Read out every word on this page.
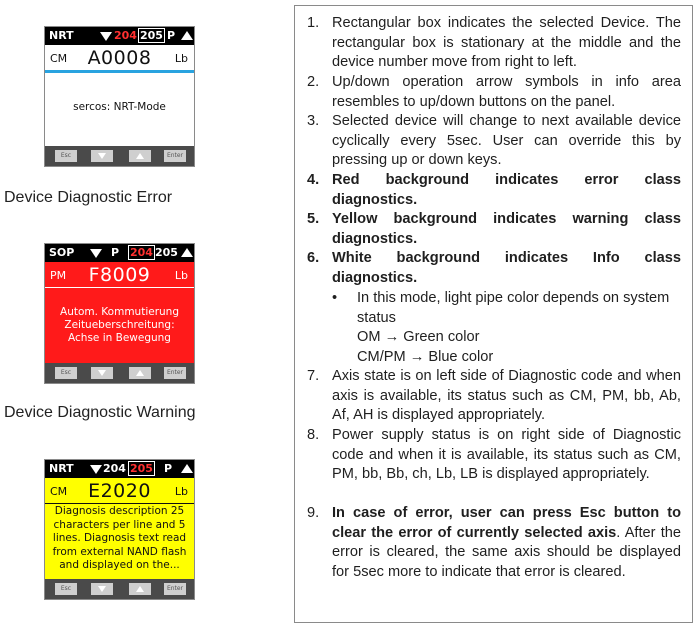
NRT	204 205 P
CM	A0008	Lb
sercos: NRT-Mode
Esc	Enter
Device Diagnostic Error
SOP	P 204 205
PM	F8009	Lb
Autom. Kommutierung
Zeitueberschreitung:
Achse in Bewegung
Esc	Enter
Device Diagnostic Warning
NRT	204 205 P
CM	E2020	Lb
Diagnosis description 25
characters per line and 5
lines. Diagnosis text read
from external NAND flash
and displayed on the...
Esc	Enter
1. Rectangular box indicates the selected Device. The rectangular box is stationary at the middle and the device number move from right to left.
2. Up/down operation arrow symbols in info area resembles to up/down buttons on the panel.
3. Selected device will change to next available device cyclically every 5sec. User can override this by pressing up or down keys.
4. Red background indicates error class diagnostics.
5. Yellow background indicates warning class diagnostics.
6. White background indicates Info class diagnostics.
• In this mode, light pipe color depends on system status
OM → Green color
CM/PM → Blue color
7. Axis state is on left side of Diagnostic code and when axis is available, its status such as CM, PM, bb, Ab, Af, AH is displayed appropriately.
8. Power supply status is on right side of Diagnostic code and when it is available, its status such as CM, PM, bb, Bb, ch, Lb, LB is displayed appropriately.
9. In case of error, user can press Esc button to clear the error of currently selected axis. After the error is cleared, the same axis should be displayed for 5sec more to indicate that error is cleared.
